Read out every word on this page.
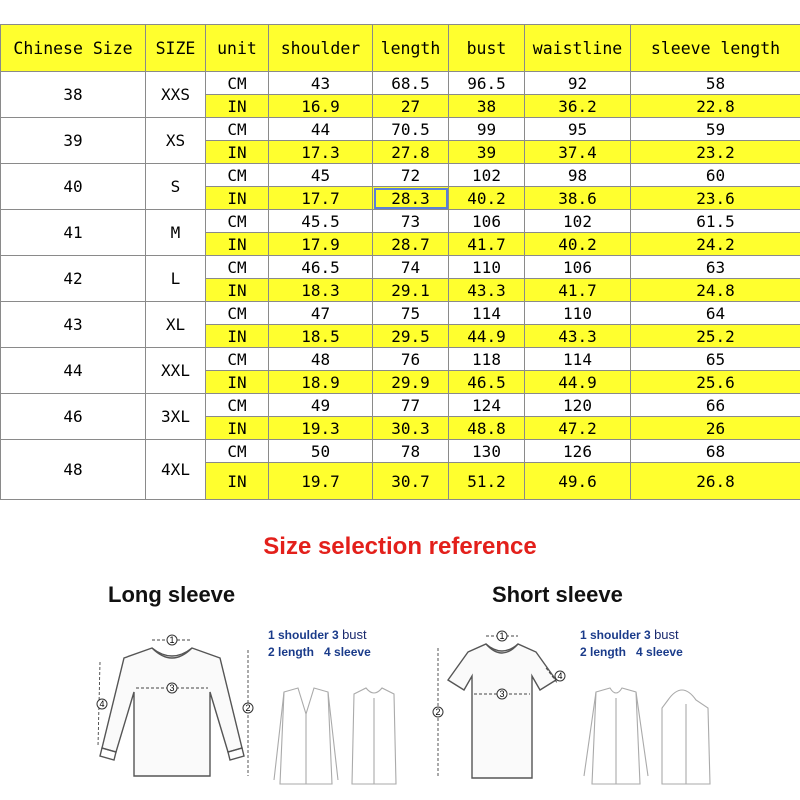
Chinese Size	SIZE	unit	shoulder	length	bust	waistline	sleeve length
38	XXS	CM	43	68.5	96.5	92	58
		IN	16.9	27	38	36.2	22.8
39	XS	CM	44	70.5	99	95	59
		IN	17.3	27.8	39	37.4	23.2
40	S	CM	45	72	102	98	60
		IN	17.7	28.3	40.2	38.6	23.6
41	M	CM	45.5	73	106	102	61.5
		IN	17.9	28.7	41.7	40.2	24.2
42	L	CM	46.5	74	110	106	63
		IN	18.3	29.1	43.3	41.7	24.8
43	XL	CM	47	75	114	110	64
		IN	18.5	29.5	44.9	43.3	25.2
44	XXL	CM	48	76	118	114	65
		IN	18.9	29.9	46.5	44.9	25.6
46	3XL	CM	49	77	124	120	66
		IN	19.3	30.3	48.8	47.2	26
48	4XL	CM	50	78	130	126	68
		IN	19.7	30.7	51.2	49.6	26.8
Size selection reference
Long sleeve	Short sleeve
1 shoulder 3 bust
2 length 4 sleeve
1 shoulder 3 bust
2 length 4 sleeve
1
3
2
4
1
3
2
4
